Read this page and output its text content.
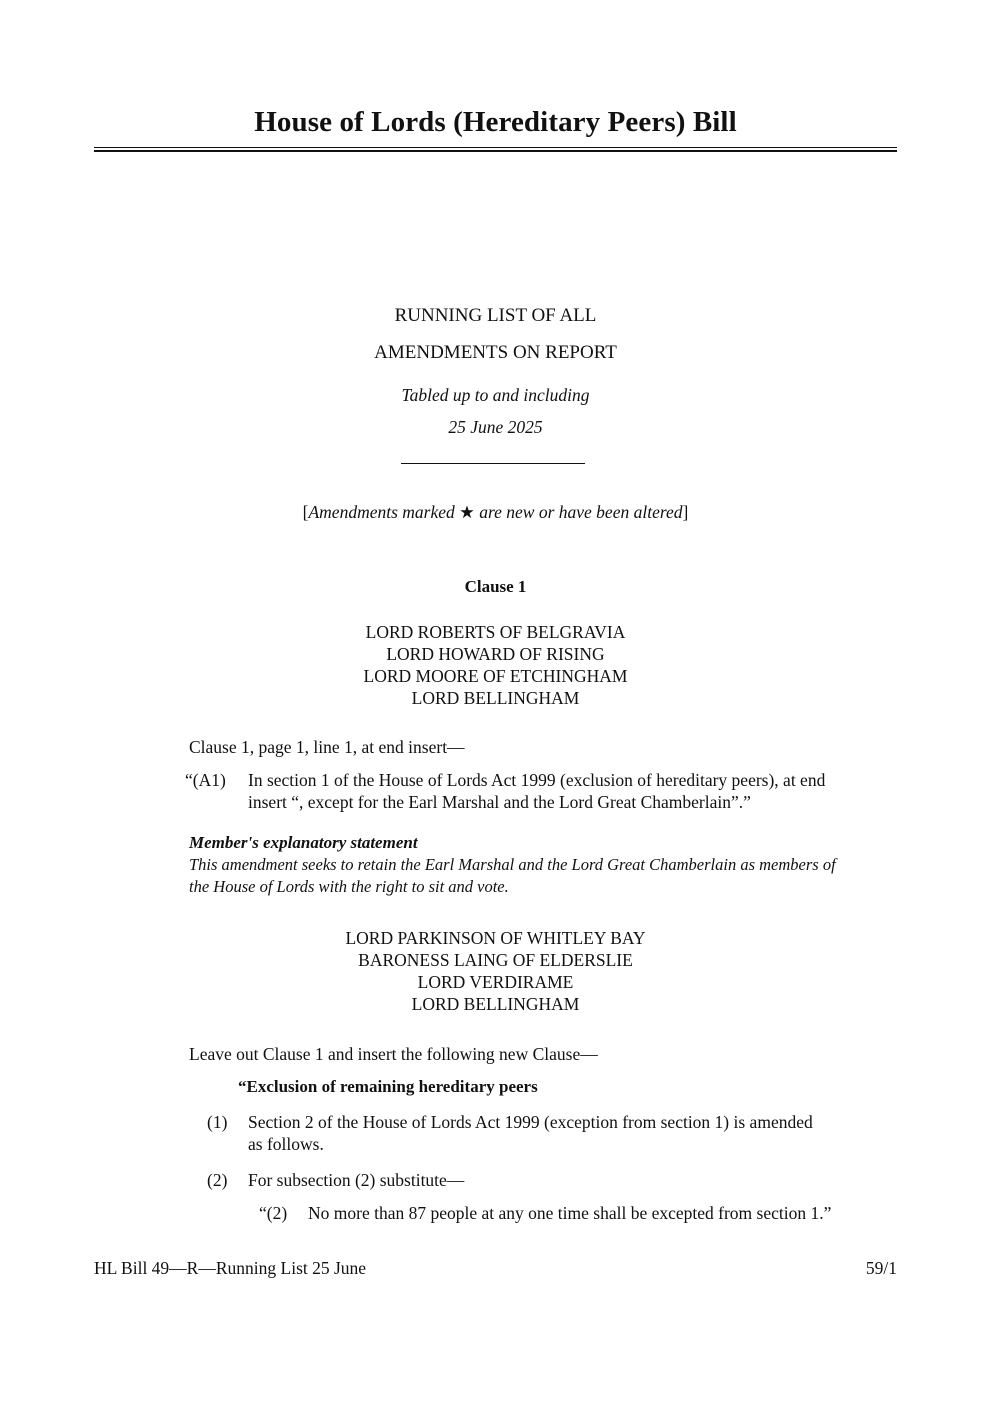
House of Lords (Hereditary Peers) Bill
RUNNING LIST OF ALL
AMENDMENTS ON REPORT
Tabled up to and including
25 June 2025
[Amendments marked ★ are new or have been altered]
Clause 1
LORD ROBERTS OF BELGRAVIA
LORD HOWARD OF RISING
LORD MOORE OF ETCHINGHAM
LORD BELLINGHAM
Clause 1, page 1, line 1, at end insert—
“(A1) In section 1 of the House of Lords Act 1999 (exclusion of hereditary peers), at end
insert “, except for the Earl Marshal and the Lord Great Chamberlain”.”
Member's explanatory statement
This amendment seeks to retain the Earl Marshal and the Lord Great Chamberlain as members of
the House of Lords with the right to sit and vote.
LORD PARKINSON OF WHITLEY BAY
BARONESS LAING OF ELDERSLIE
LORD VERDIRAME
LORD BELLINGHAM
Leave out Clause 1 and insert the following new Clause—
“Exclusion of remaining hereditary peers
(1) Section 2 of the House of Lords Act 1999 (exception from section 1) is amended
as follows.
(2) For subsection (2) substitute—
“(2) No more than 87 people at any one time shall be excepted from section 1.”
HL Bill 49—R—Running List 25 June	59/1
